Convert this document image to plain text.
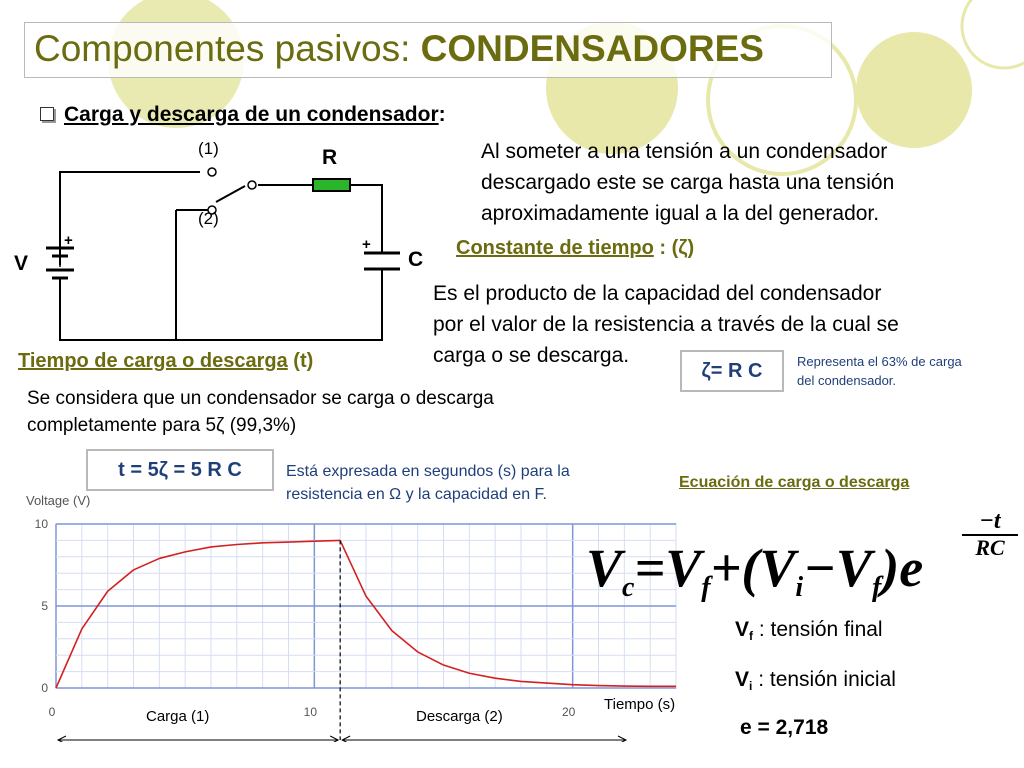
Componentes pasivos: CONDENSADORES
Carga y descarga de un condensador:
(1)
(2)
R
V
+
C
+
Al someter a una tensión a un condensador
descargado este se carga hasta una tensión
aproximadamente igual a la del generador.
Constante de tiempo : (ζ)
Es el producto de la capacidad del condensador
por el valor de la resistencia a través de la cual se
carga o se descarga.
ζ= R C	Representa el 63% de carga
del condensador.
Tiempo de carga o descarga (t)
Se considera que un condensador se carga o descarga
completamente para 5ζ (99,3%)
t = 5ζ = 5 R C	Está expresada en segundos (s) para la
resistencia en Ω y la capacidad en F.
0
5
10
0	10	20
Voltage (V)
Tiempo (s)
Carga (1)	Descarga (2)
Ecuación de carga o descarga
$V_c=Vf+(Vi-Vf)e$
−t
RC
$V_f$ : tensión final
$V_i$ : tensión inicial
e = 2,718
